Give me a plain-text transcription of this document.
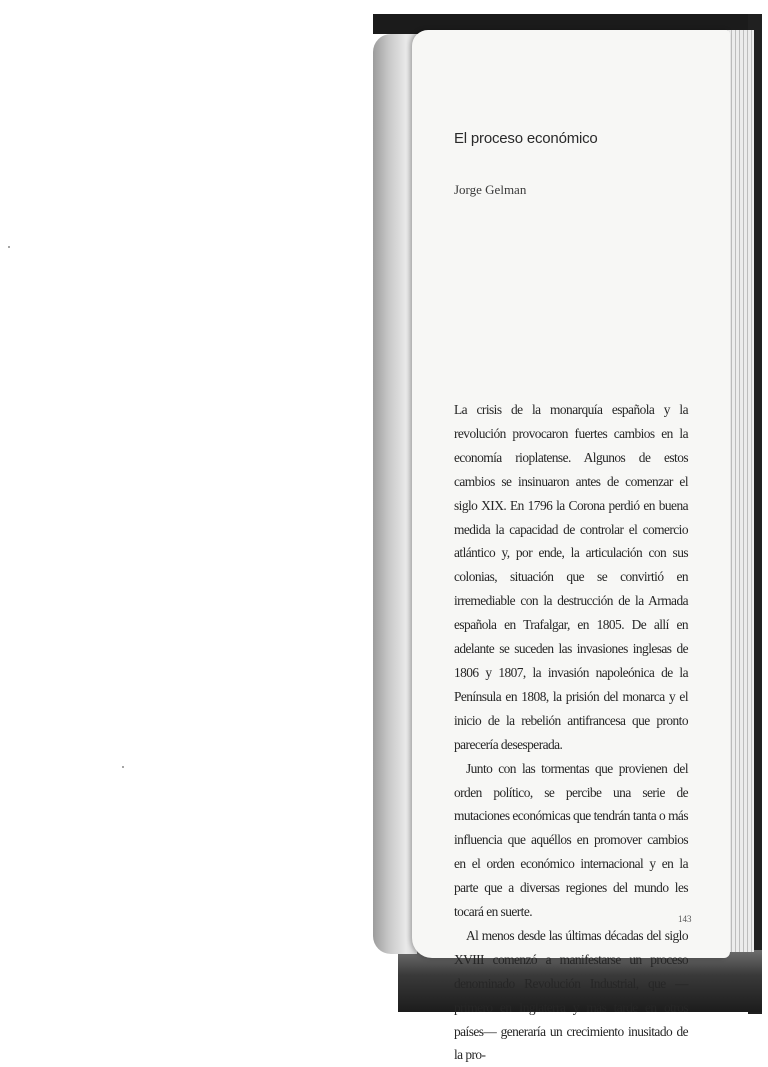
El proceso económico

Jorge Gelman

La crisis de la monarquía española y la revolución provocaron fuertes cambios en la economía rioplatense. Algunos de estos cambios se insinuaron antes de comenzar el siglo XIX. En 1796 la Corona perdió en buena medida la capacidad de controlar el comercio atlántico y, por ende, la articulación con sus colonias, situación que se convirtió en irremediable con la destrucción de la Armada española en Trafalgar, en 1805. De allí en adelante se suceden las invasiones inglesas de 1806 y 1807, la invasión napoleónica de la Península en 1808, la prisión del monarca y el inicio de la rebelión antifrancesa que pronto parecería desesperada.

Junto con las tormentas que provienen del orden político, se percibe una serie de mutaciones económicas que tendrán tanta o más influencia que aquéllos en promover cambios en el orden económico internacional y en la parte que a diversas regiones del mundo les tocará en suerte.

Al menos desde las últimas décadas del siglo XVIII comenzó a manifestarse un proceso denominado Revolución Industrial, que —primero en Inglaterra y más tarde en otros países— generaría un crecimiento inusitado de la pro-

143
